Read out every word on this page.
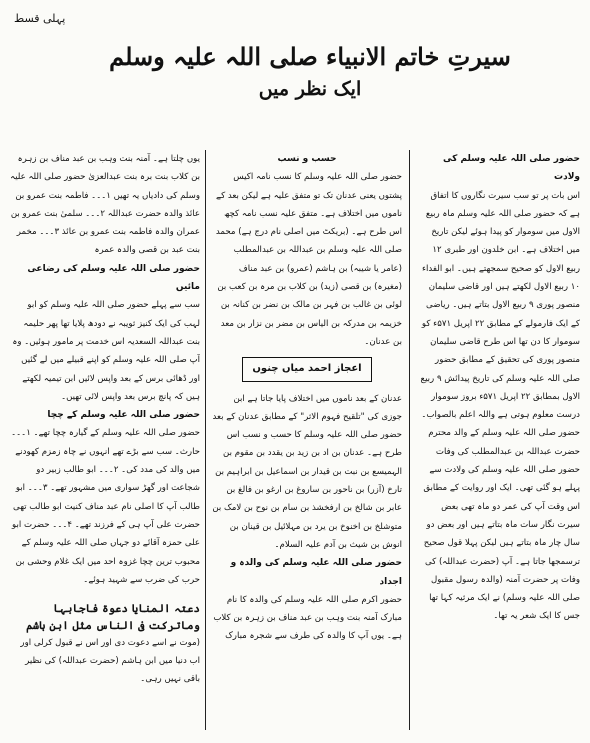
پہلی قسط
سیرتِ خاتم الانبیاء صلی اللہ علیہ وسلم
ایک نظر میں
حضور صلی اللہ علیہ وسلم کی ولادت
اس بات پر تو سب سیرت نگاروں کا اتفاق ہے کہ حضور صلی اللہ علیہ وسلم ماہ ربیع الاول میں سوموار کو پیدا ہوئے لیکن تاریخ میں اختلاف ہے۔ ابن خلدون اور طبری ۱۲ ربیع الاول کو صحیح سمجھتے ہیں۔ ابو الفداء ۱۰ ربیع الاول لکھتے ہیں اور قاضی سلیمان منصور پوری ۹ ربیع الاول بتاتے ہیں۔ ریاضی کے ایک فارمولے کے مطابق ۲۲ اپریل ۵۷۱ء کو سوموار کا دن تھا اس طرح قاضی سلیمان منصور پوری کی تحقیق کے مطابق حضور صلی اللہ علیہ وسلم کی تاریخ پیدائش ۹ ربیع الاول بمطابق ۲۲ اپریل ۵۷۱ء بروز سوموار درست معلوم ہوتی ہے واللہ اعلم بالصواب۔ حضور صلی اللہ علیہ وسلم کے والد محترم حضرت عبداللہ بن عبدالمطلب کی وفات حضور صلی اللہ علیہ وسلم کی ولادت سے پہلے ہو گئی تھی۔ ایک اور روایت کے مطابق اس وقت آپ کی عمر دو ماہ تھی بعض سیرت نگار سات ماہ بتاتے ہیں اور بعض دو سال چار ماہ بتاتے ہیں لیکن پہلا قول صحیح ترسمجھا جاتا ہے۔ آپ (حضرت عبداللہ) کی وفات پر حضرت آمنہ (والدہ رسول مقبول صلی اللہ علیہ وسلم) نے ایک مرثیہ کہا تھا جس کا ایک شعر یہ تھا۔
حسب و نسب
حضور صلی اللہ علیہ وسلم کا نسب نامہ اکیس پشتوں یعنی عدنان تک تو متفق علیہ ہے لیکن بعد کے ناموں میں اختلاف ہے۔ متفق علیہ نسب نامہ کچھ اس طرح ہے۔ (بریکٹ میں اصلی نام درج ہے) محمد صلی اللہ علیہ وسلم بن عبداللہ بن عبدالمطلب (عامر یا شیبہ) بن ہاشم (عمرو) بن عبد مناف (مغیرہ) بن قصی (زید) بن کلاب بن مرہ بن کعب بن لوئی بن غالب بن فہر بن مالک بن نضر بن کنانہ بن خزیمہ بن مدرکہ بن الیاس بن مضر بن نزار بن معد بن عدنان۔
اعجاز احمد میاں چنوں
عدنان کے بعد ناموں میں اختلاف پایا جاتا ہے ابن جوزی کی "تلقیح فہوم الاثر" کے مطابق عدنان کے بعد حضور صلی اللہ علیہ وسلم کا حسب و نسب اس طرح ہے۔ عدنان بن اد بن زید بن یقدد بن مقوم بن الہمیسع بن نبت بن قیدار بن اسماعیل بن ابراہیم بن تارخ (آزر) بن ناحور بن ساروغ بن ارغو بن فالغ بن عابر بن شالخ بن ارفخشذ بن سام بن نوح بن لامک بن متوشلخ بن اخنوخ بن یرد بن مہلائیل بن قینان بن انوش بن شیث بن آدم علیہ السلام۔
حضور صلی اللہ علیہ وسلم کی والدہ و اجداد
حضور اکرم صلی اللہ علیہ وسلم کی والدہ کا نام مبارک آمنہ بنت وہب بن عبد مناف بن زہرہ بن کلاب ہے۔ یوں آپ کا والدہ کی طرف سے شجرہ مبارک
یوں چلتا ہے۔ آمنہ بنت وہب بن عبد مناف بن زہرہ بن کلاب بنت برہ بنت عبدالعزیٰ حضور صلی اللہ علیہ وسلم کی دادیاں یہ تھیں ۱۔۔۔ فاطمہ بنت عمرو بن عائذ والدہ حضرت عبداللہ ۲۔۔۔ سلمیٰ بنت عمرو بن عمران والدہ فاطمہ بنت عمرو بن عائذ ۳۔۔۔ مخمر بنت عبد بن قصی والدہ عمرہ
حضور صلی اللہ علیہ وسلم کی رضاعی مائیں
سب سے پہلے حضور صلی اللہ علیہ وسلم کو ابو لہب کی ایک کنیز ثویبہ نے دودھ پلایا تھا پھر حلیمہ بنت عبداللہ السعدیہ اس خدمت پر مامور ہوئیں۔ وہ آپ صلی اللہ علیہ وسلم کو اپنے قبیلے میں لے گئیں اور ڈھائی برس کے بعد واپس لائیں ابن تیمیہ لکھتے ہیں کہ پانچ برس بعد واپس لائی تھیں۔
حضور صلی اللہ علیہ وسلم کے چچا
حضور صلی اللہ علیہ وسلم کے گیارہ چچا تھے۔ ۱۔۔۔ حارث۔ سب سے بڑے تھے انہوں نے چاہ زمزم کھودنے میں والد کی مدد کی۔ ۲۔۔۔ ابو طالب زبیر دو شجاعت اور گھڑ سواری میں مشہور تھے۔ ۳۔۔۔ ابو طالب آپ کا اصلی نام عبد مناف کنیت ابو طالب تھی حضرت علی آپ ہی کے فرزند تھے۔ ۴۔۔۔ حضرت ابو علی حمزہ آقائے دو جہاں صلی اللہ علیہ وسلم کے محبوب ترین چچا غزوہ احد میں ایک غلام وحشی بن حرب کی ضرب سے شہید ہوئے۔
دعتہ المنایا دعوۃ فاجابہا وماترکت فی الناس مثل ابن ہاشم
(موت نے اسے دعوت دی اور اس نے قبول کرلی اور اب دنیا میں ابن ہاشم (حضرت عبداللہ) کی نظیر باقی نہیں رہی۔
